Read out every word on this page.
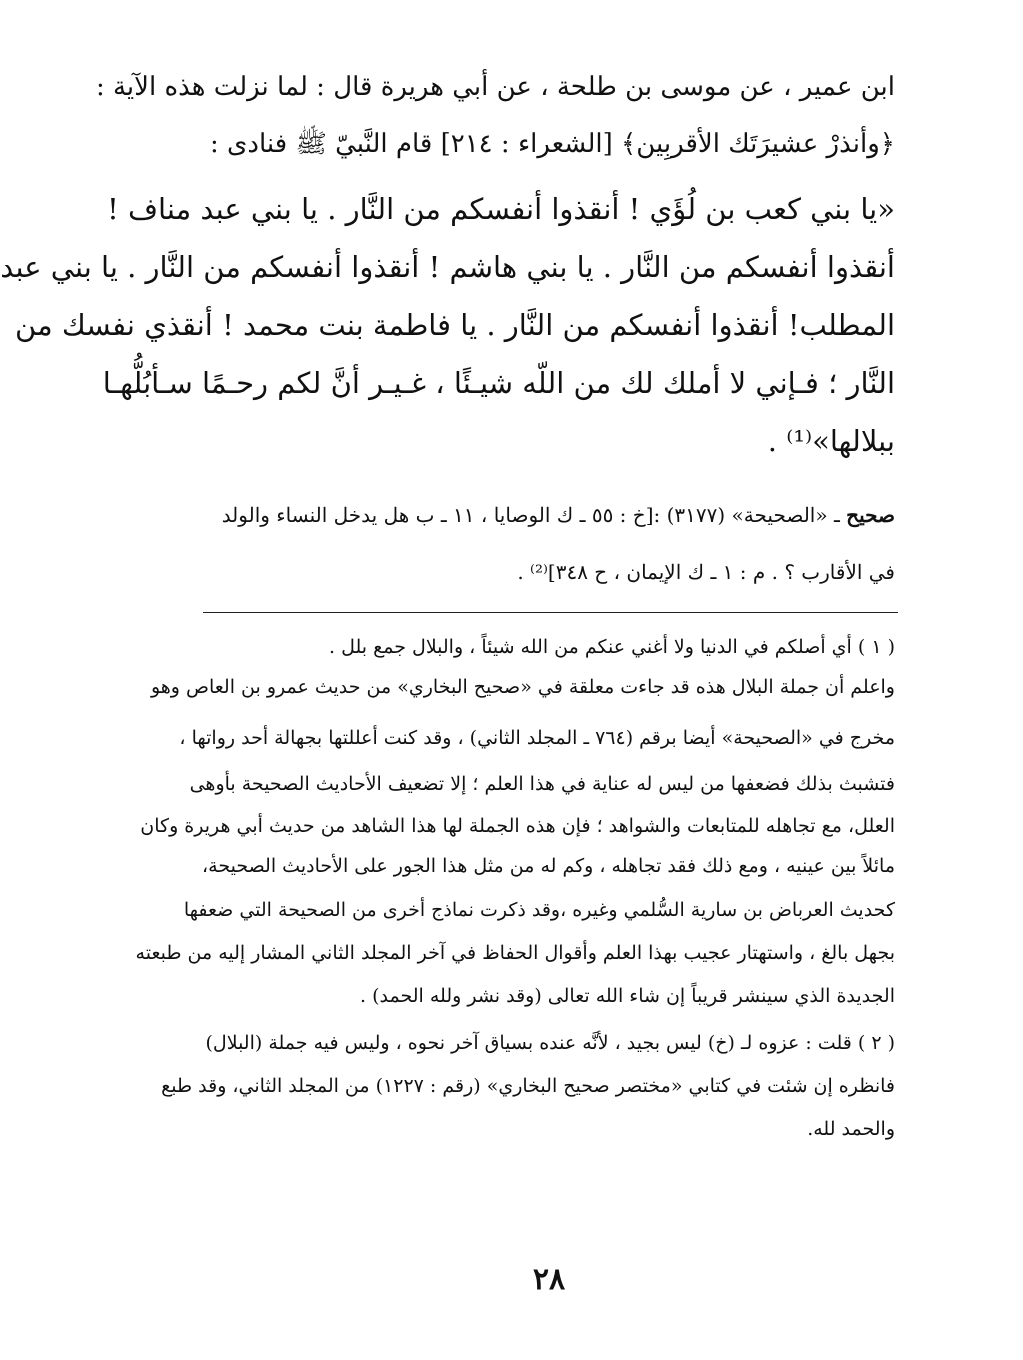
ابن عمير ، عن موسى بن طلحة ، عن أبي هريرة قال : لما نزلت هذه الآية :
﴿وأنذرْ عشيرَتَك الأقربِين﴾ [الشعراء : ٢١٤] قام النَّبيّ ﷺ فنادى :
«يا بني كعب بن لُؤَي ! أنقذوا أنفسكم من النَّار . يا بني عبد مناف !
أنقذوا أنفسكم من النَّار . يا بني هاشم ! أنقذوا أنفسكم من النَّار . يا بني عبد
المطلب! أنقذوا أنفسكم من النَّار . يا فاطمة بنت محمد ! أنقذي نفسك من
النَّار ؛ فـإني لا أملك لك من اللّه شيـئًا ، غـيـر أنَّ لكم رحـمًا سـأبُلُّهـا
ببلالها»⁽¹⁾ .
صحيح ـ «الصحيحة» (٣١٧٧) :[خ : ٥٥ ـ ك الوصايا ، ١١ ـ ب هل يدخل النساء والولد
في الأقارب ؟ . م : ١ ـ ك الإيمان ، ح ٣٤٨]⁽²⁾ .
( ١ ) أي أصلكم في الدنيا ولا أغني عنكم من الله شيئاً ، والبلال جمع بلل .
واعلم أن جملة البلال هذه قد جاءت معلقة في «صحيح البخاري» من حديث عمرو بن العاص وهو
مخرج في «الصحيحة» أيضا برقم (٧٦٤ ـ المجلد الثاني) ، وقد كنت أعللتها بجهالة أحد رواتها ،
فتشبث بذلك فضعفها من ليس له عناية في هذا العلم ؛ إلا تضعيف الأحاديث الصحيحة بأوهى
العلل، مع تجاهله للمتابعات والشواهد ؛ فإن هذه الجملة لها هذا الشاهد من حديث أبي هريرة وكان
مائلاً بين عينيه ، ومع ذلك فقد تجاهله ، وكم له من مثل هذا الجور على الأحاديث الصحيحة،
كحديث العرباض بن سارية السُّلمي وغيره ،وقد ذكرت نماذج أخرى من الصحيحة التي ضعفها
بجهل بالغ ، واستهتار عجيب بهذا العلم وأقوال الحفاظ في آخر المجلد الثاني المشار إليه من طبعته
الجديدة الذي سينشر قريباً إن شاء الله تعالى (وقد نشر ولله الحمد) .
( ٢ ) قلت : عزوه لـ (خ) ليس بجيد ، لأنَّه عنده بسياق آخر نحوه ، وليس فيه جملة (البلال)
فانظره إن شئت في كتابي «مختصر صحيح البخاري» (رقم : ١٢٢٧) من المجلد الثاني، وقد طبع
والحمد لله.
٢٨
